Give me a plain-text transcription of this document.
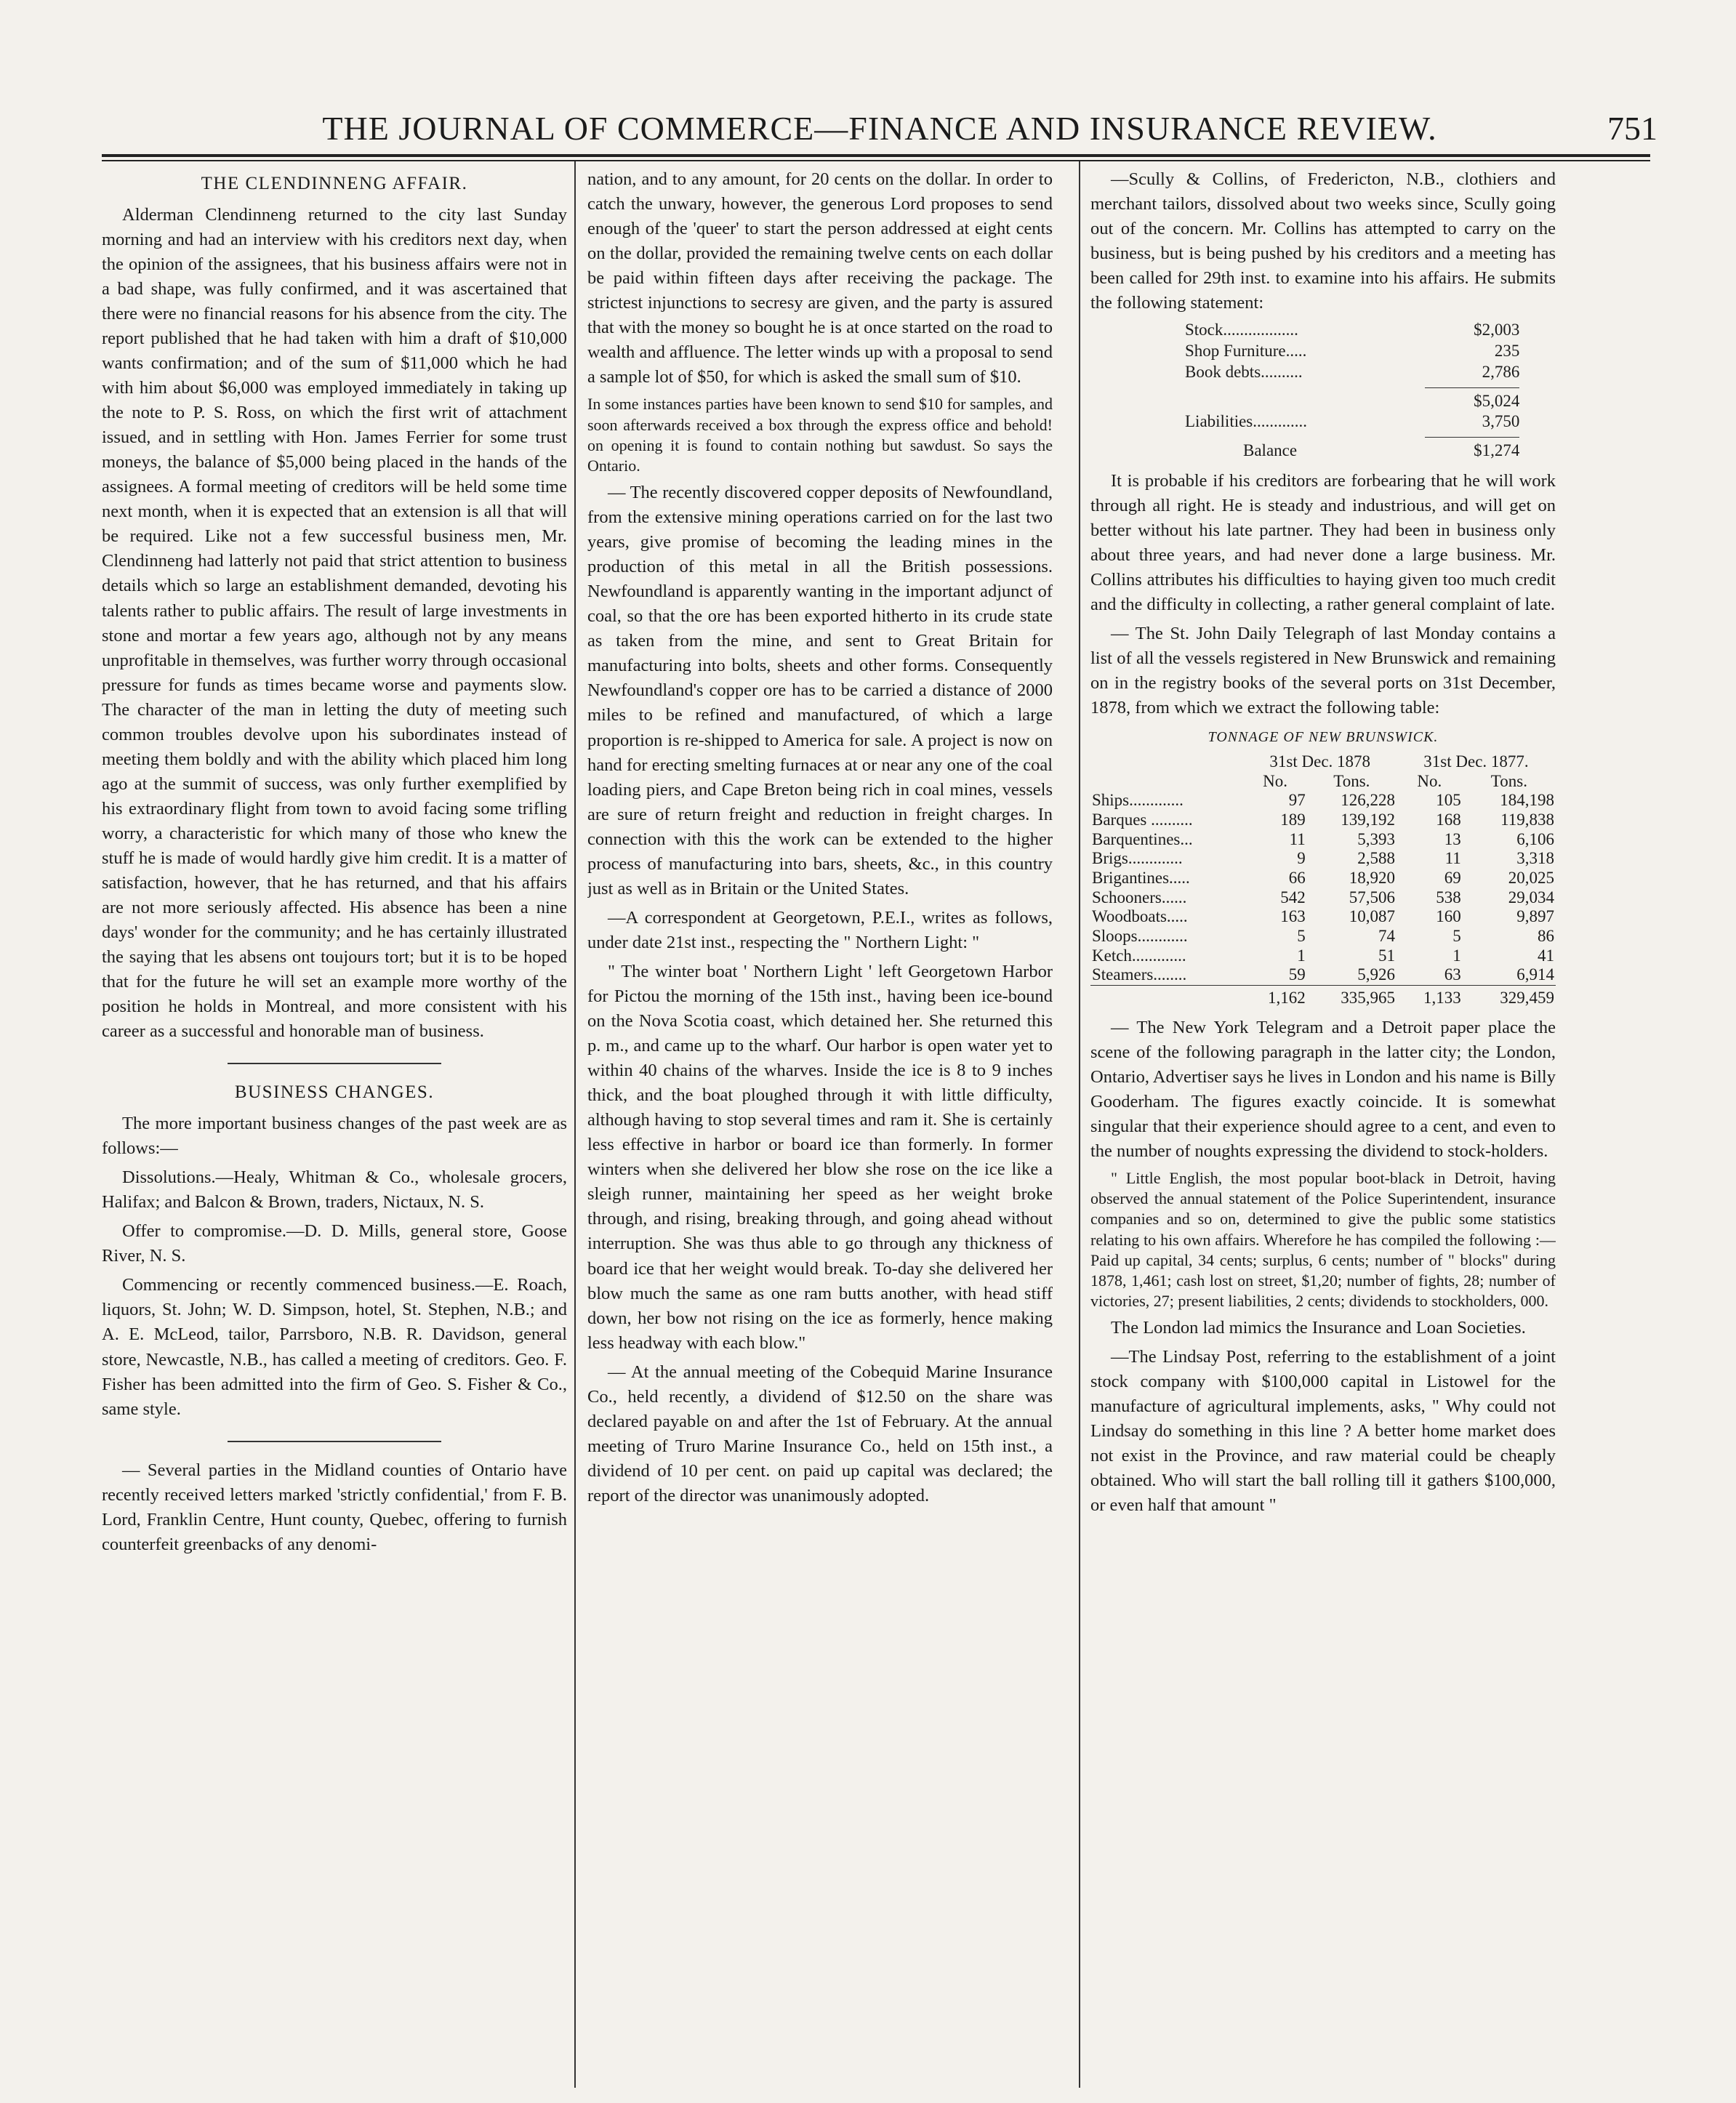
THE JOURNAL OF COMMERCE—FINANCE AND INSURANCE REVIEW.	751
THE CLENDINNENG AFFAIR.

Alderman Clendinneng returned to the city last Sunday morning and had an interview with his creditors next day, when the opinion of the assignees, that his business affairs were not in a bad shape, was fully confirmed, and it was ascertained that there were no financial reasons for his absence from the city. The report published that he had taken with him a draft of $10,000 wants confirmation; and of the sum of $11,000 which he had with him about $6,000 was employed immediately in taking up the note to P. S. Ross, on which the first writ of attachment issued, and in settling with Hon. James Ferrier for some trust moneys, the balance of $5,000 being placed in the hands of the assignees. A formal meeting of creditors will be held some time next month, when it is expected that an extension is all that will be required. Like not a few successful business men, Mr. Clendinneng had latterly not paid that strict attention to business details which so large an establishment demanded, devoting his talents rather to public affairs. The result of large investments in stone and mortar a few years ago, although not by any means unprofitable in themselves, was further worry through occasional pressure for funds as times became worse and payments slow. The character of the man in letting the duty of meeting such common troubles devolve upon his subordinates instead of meeting them boldly and with the ability which placed him long ago at the summit of success, was only further exemplified by his extraordinary flight from town to avoid facing some trifling worry, a characteristic for which many of those who knew the stuff he is made of would hardly give him credit. It is a matter of satisfaction, however, that he has returned, and that his affairs are not more seriously affected. His absence has been a nine days' wonder for the community; and he has certainly illustrated the saying that les absens ont toujours tort; but it is to be hoped that for the future he will set an example more worthy of the position he holds in Montreal, and more consistent with his career as a successful and honorable man of business.

BUSINESS CHANGES.

The more important business changes of the past week are as follows:—

Dissolutions.—Healy, Whitman & Co., wholesale grocers, Halifax; and Balcon & Brown, traders, Nictaux, N. S.

Offer to compromise.—D. D. Mills, general store, Goose River, N. S.

Commencing or recently commenced business.—E. Roach, liquors, St. John; W. D. Simpson, hotel, St. Stephen, N.B.; and A. E. McLeod, tailor, Parrsboro, N.B. R. Davidson, general store, Newcastle, N.B., has called a meeting of creditors. Geo. F. Fisher has been admitted into the firm of Geo. S. Fisher & Co., same style.

— Several parties in the Midland counties of Ontario have recently received letters marked 'strictly confidential,' from F. B. Lord, Franklin Centre, Hunt county, Quebec, offering to furnish counterfeit greenbacks of any denomi-

nation, and to any amount, for 20 cents on the dollar. In order to catch the unwary, however, the generous Lord proposes to send enough of the 'queer' to start the person addressed at eight cents on the dollar, provided the remaining twelve cents on each dollar be paid within fifteen days after receiving the package. The strictest injunctions to secresy are given, and the party is assured that with the money so bought he is at once started on the road to wealth and affluence. The letter winds up with a proposal to send a sample lot of $50, for which is asked the small sum of $10.

In some instances parties have been known to send $10 for samples, and soon afterwards received a box through the express office and behold! on opening it is found to contain nothing but sawdust. So says the Ontario.

— The recently discovered copper deposits of Newfoundland, from the extensive mining operations carried on for the last two years, give promise of becoming the leading mines in the production of this metal in all the British possessions. Newfoundland is apparently wanting in the important adjunct of coal, so that the ore has been exported hitherto in its crude state as taken from the mine, and sent to Great Britain for manufacturing into bolts, sheets and other forms. Consequently Newfoundland's copper ore has to be carried a distance of 2000 miles to be refined and manufactured, of which a large proportion is re-shipped to America for sale. A project is now on hand for erecting smelting furnaces at or near any one of the coal loading piers, and Cape Breton being rich in coal mines, vessels are sure of return freight and reduction in freight charges. In connection with this the work can be extended to the higher process of manufacturing into bars, sheets, &c., in this country just as well as in Britain or the United States.

—A correspondent at Georgetown, P.E.I., writes as follows, under date 21st inst., respecting the " Northern Light: "

" The winter boat ' Northern Light ' left Georgetown Harbor for Pictou the morning of the 15th inst., having been ice-bound on the Nova Scotia coast, which detained her. She returned this p. m., and came up to the wharf. Our harbor is open water yet to within 40 chains of the wharves. Inside the ice is 8 to 9 inches thick, and the boat ploughed through it with little difficulty, although having to stop several times and ram it. She is certainly less effective in harbor or board ice than formerly. In former winters when she delivered her blow she rose on the ice like a sleigh runner, maintaining her speed as her weight broke through, and rising, breaking through, and going ahead without interruption. She was thus able to go through any thickness of board ice that her weight would break. To-day she delivered her blow much the same as one ram butts another, with head stiff down, her bow not rising on the ice as formerly, hence making less headway with each blow."

— At the annual meeting of the Cobequid Marine Insurance Co., held recently, a dividend of $12.50 on the share was declared payable on and after the 1st of February. At the annual meeting of Truro Marine Insurance Co., held on 15th inst., a dividend of 10 per cent. on paid up capital was declared; the report of the director was unanimously adopted.

—Scully & Collins, of Fredericton, N.B., clothiers and merchant tailors, dissolved about two weeks since, Scully going out of the concern. Mr. Collins has attempted to carry on the business, but is being pushed by his creditors and a meeting has been called for 29th inst. to examine into his affairs. He submits the following statement:

Stock..................	$2,003
Shop Furniture.....	235
Book debts..........	2,786
$5,024
Liabilities.............	3,750
Balance	$1,274

It is probable if his creditors are forbearing that he will work through all right. He is steady and industrious, and will get on better without his late partner. They had been in business only about three years, and had never done a large business. Mr. Collins attributes his difficulties to haying given too much credit and the difficulty in collecting, a rather general complaint of late.

— The St. John Daily Telegraph of last Monday contains a list of all the vessels registered in New Brunswick and remaining on in the registry books of the several ports on 31st December, 1878, from which we extract the following table:

TONNAGE OF NEW BRUNSWICK.
	31st Dec. 1878		31st Dec. 1877.	
	No.	Tons.	No.	Tons.
Ships.............	97	126,228	105	184,198
Barques ..........	189	139,192	168	119,838
Barquentines...	11	5,393	13	6,106
Brigs.............	9	2,588	11	3,318
Brigantines.....	66	18,920	69	20,025
Schooners......	542	57,506	538	29,034
Woodboats.....	163	10,087	160	9,897
Sloops............	5	74	5	86
Ketch.............	1	51	1	41
Steamers........	59	5,926	63	6,914
	1,162	335,965	1,133	329,459

— The New York Telegram and a Detroit paper place the scene of the following paragraph in the latter city; the London, Ontario, Advertiser says he lives in London and his name is Billy Gooderham. The figures exactly coincide. It is somewhat singular that their experience should agree to a cent, and even to the number of noughts expressing the dividend to stock-holders.

" Little English, the most popular boot-black in Detroit, having observed the annual statement of the Police Superintendent, insurance companies and so on, determined to give the public some statistics relating to his own affairs. Wherefore he has compiled the following :— Paid up capital, 34 cents; surplus, 6 cents; number of " blocks" during 1878, 1,461; cash lost on street, $1,20; number of fights, 28; number of victories, 27; present liabilities, 2 cents; dividends to stockholders, 000.

The London lad mimics the Insurance and Loan Societies.

—The Lindsay Post, referring to the establishment of a joint stock company with $100,000 capital in Listowel for the manufacture of agricultural implements, asks, " Why could not Lindsay do something in this line ? A better home market does not exist in the Province, and raw material could be cheaply obtained. Who will start the ball rolling till it gathers $100,000, or even half that amount "
